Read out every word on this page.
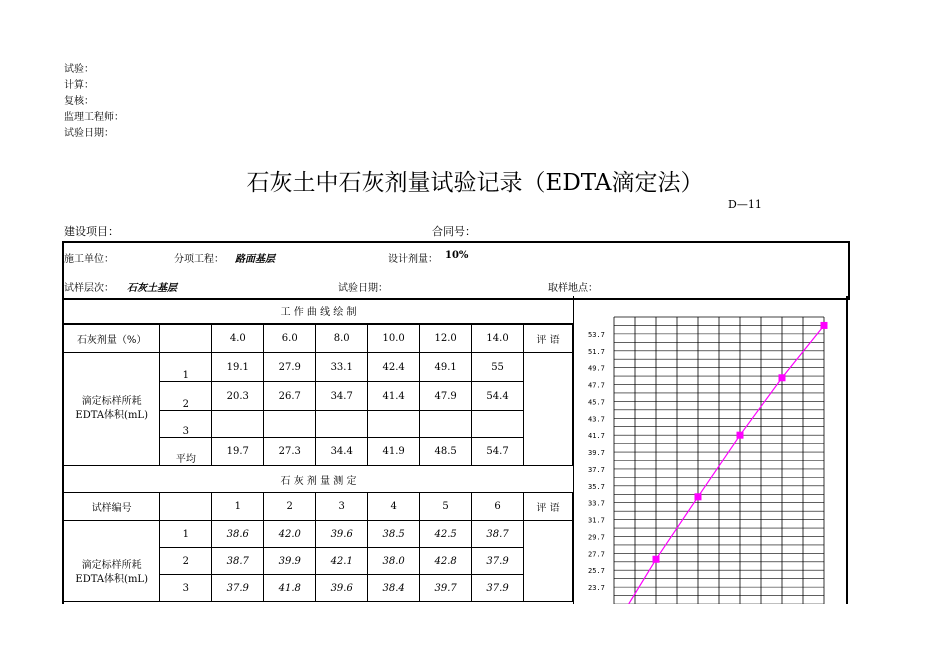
试验：
计算：
复核：
监理工程师：
试验日期：
石灰土中石灰剂量试验记录（EDTA滴定法）
D—11
建设项目：	合同号：
施工单位：	分项工程： 路面基层	设计剂量： 10%
试样层次： 石灰土基层	试验日期：	取样地点：
工 作 曲 线 绘 制
石灰剂量（%）		4.0	6.0	8.0	10.0	12.0	14.0	评 语

滴定标样所耗
EDTA体积(mL)	1	19.1	27.9	33.1	42.4	49.1	55	
	2	20.3	26.7	34.7	41.4	47.9	54.4	
	3							
	平均	19.7	27.3	34.4	41.9	48.5	54.7	
石 灰 剂 量 测 定
试样编号		1	2	3	4	5	6	评 语

滴定标样所耗
EDTA体积(mL)	1	38.6	42.0	39.6	38.5	42.5	38.7	
	2	38.7	39.9	42.1	38.0	42.8	37.9	
	3	37.9	41.8	39.6	38.4	39.7	37.9	
53.7
51.7
49.7
47.7
45.7
43.7
41.7
39.7
37.7
35.7
33.7
31.7
29.7
27.7
25.7
23.7
